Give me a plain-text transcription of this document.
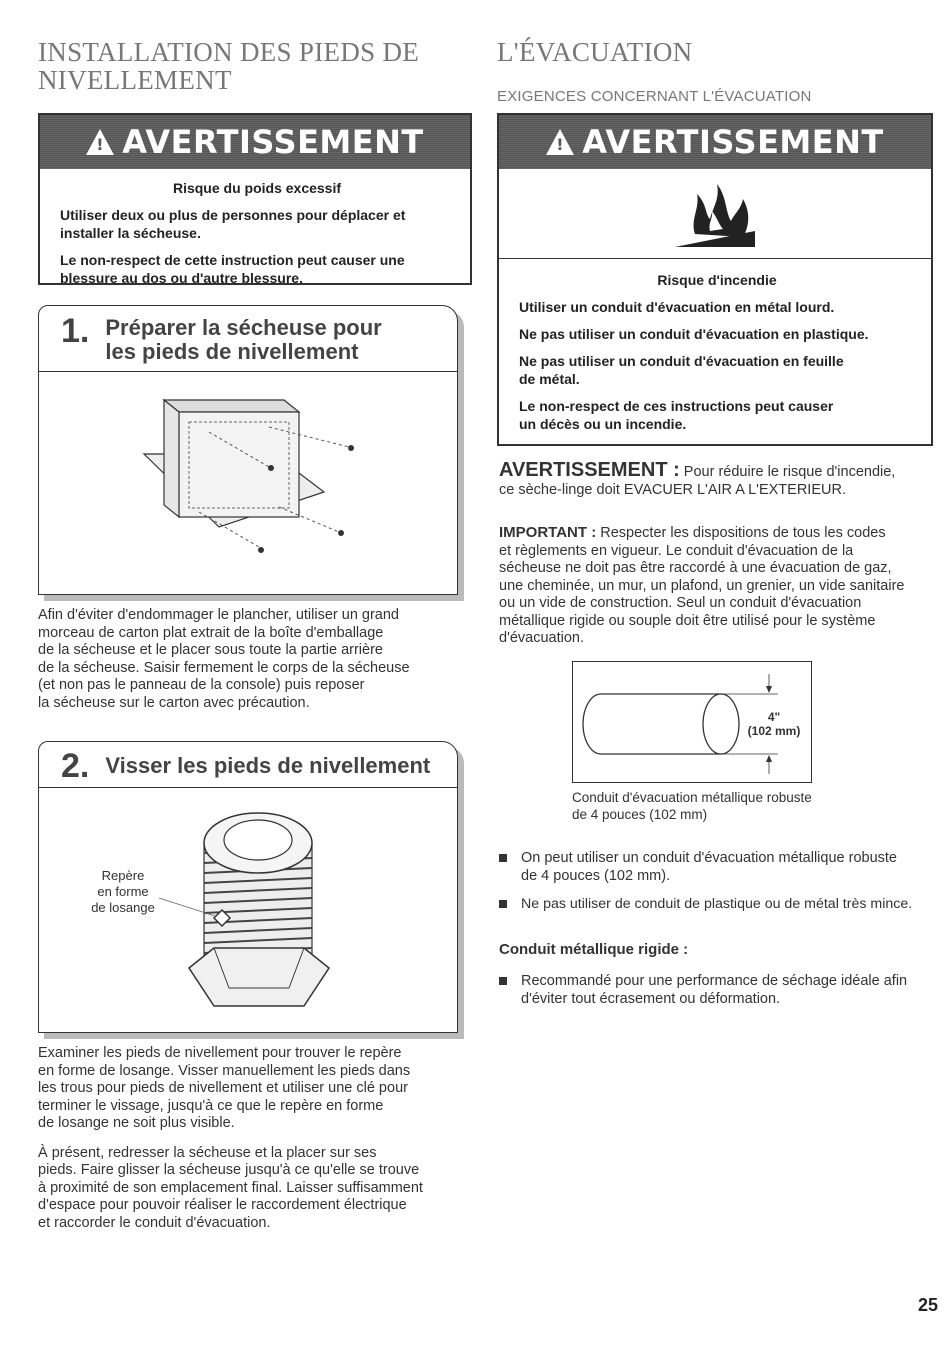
INSTALLATION DES PIEDS DE
NIVELLEMENT
!
AVERTISSEMENT

Risque du poids excessif

Utiliser deux ou plus de personnes pour déplacer et installer la sécheuse.

Le non-respect de cette instruction peut causer une blessure au dos ou d'autre blessure.

1. Préparer la sécheuse pour
les pieds de nivellement
Afin d'éviter d'endommager le plancher, utiliser un grand
morceau de carton plat extrait de la boîte d'emballage
de la sécheuse et le placer sous toute la partie arrière
de la sécheuse. Saisir fermement le corps de la sécheuse
(et non pas le panneau de la console) puis reposer
la sécheuse sur le carton avec précaution.
2. Visser les pieds de nivellement
Repère
en forme
de losange

Examiner les pieds de nivellement pour trouver le repère
en forme de losange. Visser manuellement les pieds dans
les trous pour pieds de nivellement et utiliser une clé pour
terminer le vissage, jusqu'à ce que le repère en forme
de losange ne soit plus visible.

À présent, redresser la sécheuse et la placer sur ses
pieds. Faire glisser la sécheuse jusqu'à ce qu'elle se trouve
à proximité de son emplacement final. Laisser suffisamment
d'espace pour pouvoir réaliser le raccordement électrique
et raccorder le conduit d'évacuation.

L'ÉVACUATION
EXIGENCES CONCERNANT L'ÉVACUATION
!
AVERTISSEMENT

Risque d'incendie

Utiliser un conduit d'évacuation en métal lourd.

Ne pas utiliser un conduit d'évacuation en plastique.

Ne pas utiliser un conduit d'évacuation en feuille
de métal.

Le non-respect de ces instructions peut causer
un décès ou un incendie.

AVERTISSEMENT : Pour réduire le risque d'incendie,
ce sèche-linge doit EVACUER L'AIR A L'EXTERIEUR.
IMPORTANT : Respecter les dispositions de tous les codes
et règlements en vigueur. Le conduit d'évacuation de la
sécheuse ne doit pas être raccordé à une évacuation de gaz,
une cheminée, un mur, un plafond, un grenier, un vide sanitaire
ou un vide de construction. Seul un conduit d'évacuation
métallique rigide ou souple doit être utilisé pour le système
d'évacuation.
4"
(102 mm)
Conduit d'évacuation métallique robuste
de 4 pouces (102 mm)
On peut utiliser un conduit d'évacuation métallique robuste
de 4 pouces (102 mm).
Ne pas utiliser de conduit de plastique ou de métal très mince.
Conduit métallique rigide :
Recommandé pour une performance de séchage idéale afin
d'éviter tout écrasement ou déformation.
25
